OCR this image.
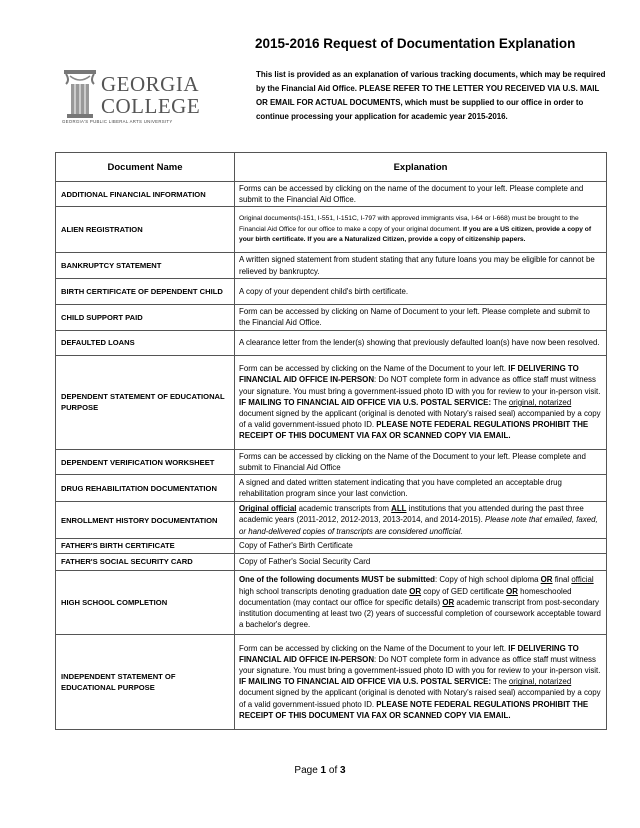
2015-2016 Request of Documentation Explanation
GEORGIA
COLLEGE
GEORGIA'S PUBLIC LIBERAL ARTS UNIVERSITY
This list is provided as an explanation of various tracking documents, which may be required by the Financial Aid Office. PLEASE REFER TO THE LETTER YOU RECEIVED VIA U.S. MAIL OR EMAIL FOR ACTUAL DOCUMENTS, which must be supplied to our office in order to continue processing your application for academic year 2015-2016.
Document Name	Explanation
ADDITIONAL FINANCIAL INFORMATION	Forms can be accessed by clicking on the name of the document to your left. Please complete and submit to the Financial Aid Office.
ALIEN REGISTRATION	Original documents(I-151, I-551, I-151C, I-797 with approved immigrants visa, I-64 or I-668) must be brought to the Financial Aid Office for our office to make a copy of your original document. If you are a US citizen, provide a copy of your birth certificate. If you are a Naturalized Citizen, provide a copy of citizenship papers.
BANKRUPTCY STATEMENT	A written signed statement from student stating that any future loans you may be eligible for cannot be relieved by bankruptcy.
BIRTH CERTIFICATE OF DEPENDENT CHILD	A copy of your dependent child's birth certificate.
CHILD SUPPORT PAID	Form can be accessed by clicking on Name of Document to your left. Please complete and submit to the Financial Aid Office.
DEFAULTED LOANS	A clearance letter from the lender(s) showing that previously defaulted loan(s) have now been resolved.
DEPENDENT STATEMENT OF EDUCATIONAL PURPOSE	Form can be accessed by clicking on the Name of the Document to your left. IF DELIVERING TO FINANCIAL AID OFFICE IN-PERSON: Do NOT complete form in advance as office staff must witness your signature. You must bring a government-issued photo ID with you for review to your in-person visit. IF MAILING TO FINANCIAL AID OFFICE VIA U.S. POSTAL SERVICE: The original, notarized document signed by the applicant (original is denoted with Notary's raised seal) accompanied by a copy of a valid government-issued photo ID. PLEASE NOTE FEDERAL REGULATIONS PROHIBIT THE RECEIPT OF THIS DOCUMENT VIA FAX OR SCANNED COPY VIA EMAIL.
DEPENDENT VERIFICATION WORKSHEET	Forms can be accessed by clicking on the Name of the Document to your left. Please complete and submit to Financial Aid Office
DRUG REHABILITATION DOCUMENTATION	A signed and dated written statement indicating that you have completed an acceptable drug rehabilitation program since your last conviction.
ENROLLMENT HISTORY DOCUMENTATION	Original official academic transcripts from ALL institutions that you attended during the past three academic years (2011-2012, 2012-2013, 2013-2014, and 2014-2015). Please note that emailed, faxed, or hand-delivered copies of transcripts are considered unofficial.
FATHER'S BIRTH CERTIFICATE	Copy of Father's Birth Certificate
FATHER'S SOCIAL SECURITY CARD	Copy of Father's Social Security Card
HIGH SCHOOL COMPLETION	One of the following documents MUST be submitted: Copy of high school diploma OR final official high school transcripts denoting graduation date OR copy of GED certificate OR homeschooled documentation (may contact our office for specific details) OR academic transcript from post-secondary institution documenting at least two (2) years of successful completion of coursework acceptable toward a bachelor's degree.
INDEPENDENT STATEMENT OF EDUCATIONAL PURPOSE	Form can be accessed by clicking on the Name of the Document to your left. IF DELIVERING TO FINANCIAL AID OFFICE IN-PERSON: Do NOT complete form in advance as office staff must witness your signature. You must bring a government-issued photo ID with you for review to your in-person visit. IF MAILING TO FINANCIAL AID OFFICE VIA U.S. POSTAL SERVICE: The original, notarized document signed by the applicant (original is denoted with Notary's raised seal) accompanied by a copy of a valid government-issued photo ID. PLEASE NOTE FEDERAL REGULATIONS PROHIBIT THE RECEIPT OF THIS DOCUMENT VIA FAX OR SCANNED COPY VIA EMAIL.
Page 1 of 3
